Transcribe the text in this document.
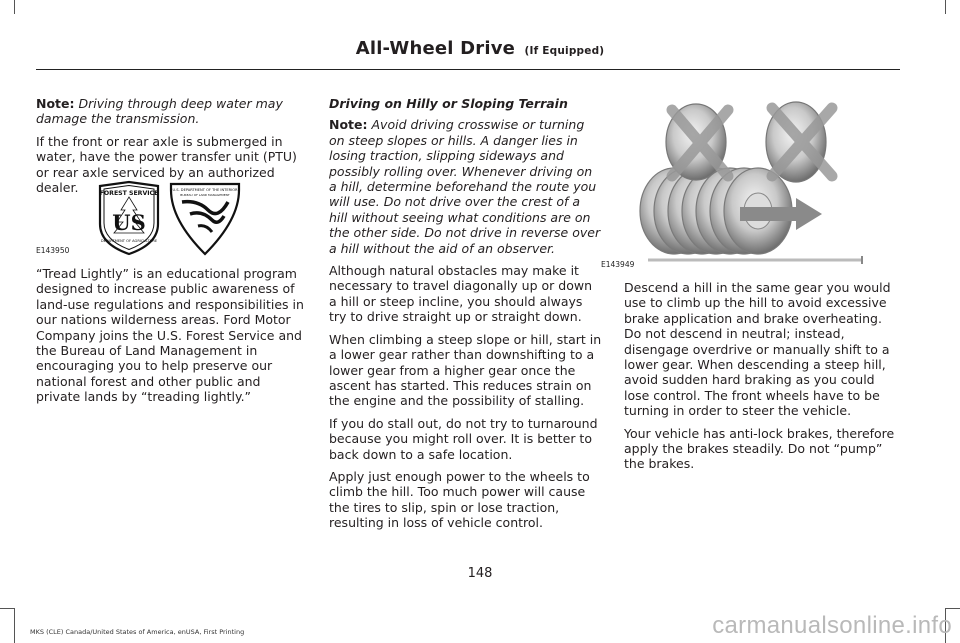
All-Wheel Drive (If Equipped)

Note: Driving through deep water may damage the transmission.

If the front or rear axle is submerged in water, have the power transfer unit (PTU) or rear axle serviced by an authorized dealer.	FOREST SERVICE
US
DEPARTMENT OF AGRICULTURE
U.S. DEPARTMENT OF THE INTERIOR
BUREAU OF LAND MANAGEMENT
E143950

“Tread Lightly” is an educational program designed to increase public awareness of land-use regulations and responsibilities in our nations wilderness areas. Ford Motor Company joins the U.S. Forest Service and the Bureau of Land Management in encouraging you to help preserve our national forest and other public and private lands by “treading lightly.”

Driving on Hilly or Sloping Terrain

Note: Avoid driving crosswise or turning on steep slopes or hills. A danger lies in losing traction, slipping sideways and possibly rolling over. Whenever driving on a hill, determine beforehand the route you will use. Do not drive over the crest of a hill without seeing what conditions are on the other side. Do not drive in reverse over a hill without the aid of an observer.

Although natural obstacles may make it necessary to travel diagonally up or down a hill or steep incline, you should always try to drive straight up or straight down.

When climbing a steep slope or hill, start in a lower gear rather than downshifting to a lower gear from a higher gear once the ascent has started. This reduces strain on the engine and the possibility of stalling.

If you do stall out, do not try to turnaround because you might roll over. It is better to back down to a safe location.

Apply just enough power to the wheels to climb the hill. Too much power will cause the tires to slip, spin or lose traction, resulting in loss of vehicle control.

E143949

Descend a hill in the same gear you would use to climb up the hill to avoid excessive brake application and brake overheating. Do not descend in neutral; instead, disengage overdrive or manually shift to a lower gear. When descending a steep hill, avoid sudden hard braking as you could lose control. The front wheels have to be turning in order to steer the vehicle.

Your vehicle has anti-lock brakes, therefore apply the brakes steadily. Do not “pump” the brakes.

148
MKS (CLE) Canada/United States of America, enUSA, First Printing	carmanualsonline.info
